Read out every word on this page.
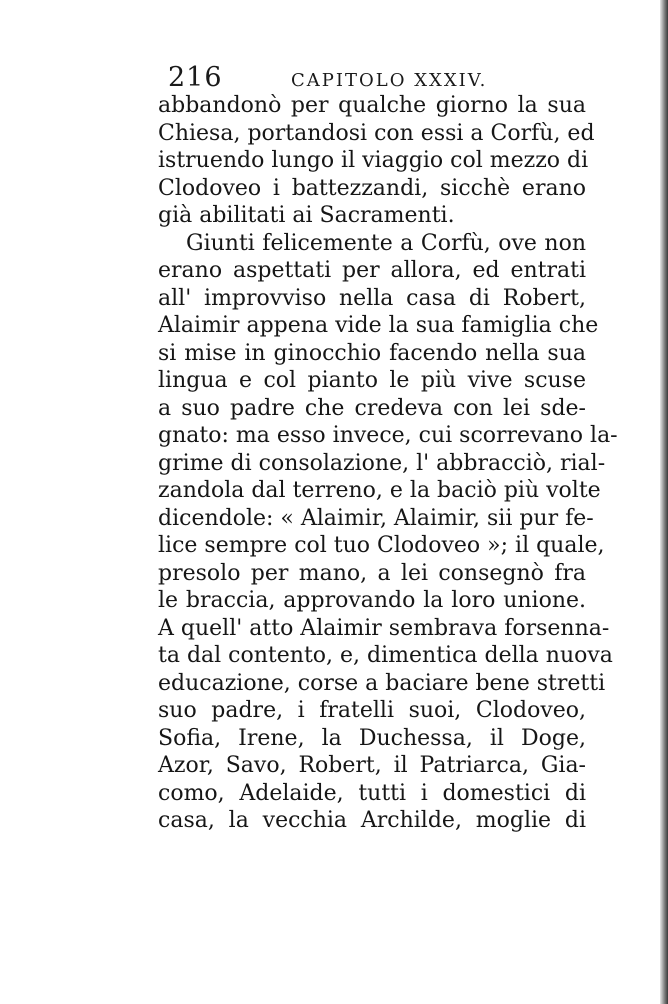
216	CAPITOLO XXXIV.
abbandonò per qualche giorno la sua
Chiesa, portandosi con essi a Corfù, ed
istruendo lungo il viaggio col mezzo di
Clodoveo i battezzandi, sicchè erano
già abilitati ai Sacramenti.
Giunti felicemente a Corfù, ove non
erano aspettati per allora, ed entrati
all' improvviso nella casa di Robert,
Alaimir appena vide la sua famiglia che
si mise in ginocchio facendo nella sua
lingua e col pianto le più vive scuse
a suo padre che credeva con lei sde-
gnato: ma esso invece, cui scorrevano la-
grime di consolazione, l' abbracciò, rial-
zandola dal terreno, e la baciò più volte
dicendole: « Alaimir, Alaimir, sii pur fe-
lice sempre col tuo Clodoveo »; il quale,
presolo per mano, a lei consegnò fra
le braccia, approvando la loro unione.
A quell' atto Alaimir sembrava forsenna-
ta dal contento, e, dimentica della nuova
educazione, corse a baciare bene stretti
suo padre, i fratelli suoi, Clodoveo,
Sofia, Irene, la Duchessa, il Doge,
Azor, Savo, Robert, il Patriarca, Gia-
como, Adelaide, tutti i domestici di
casa, la vecchia Archilde, moglie di
